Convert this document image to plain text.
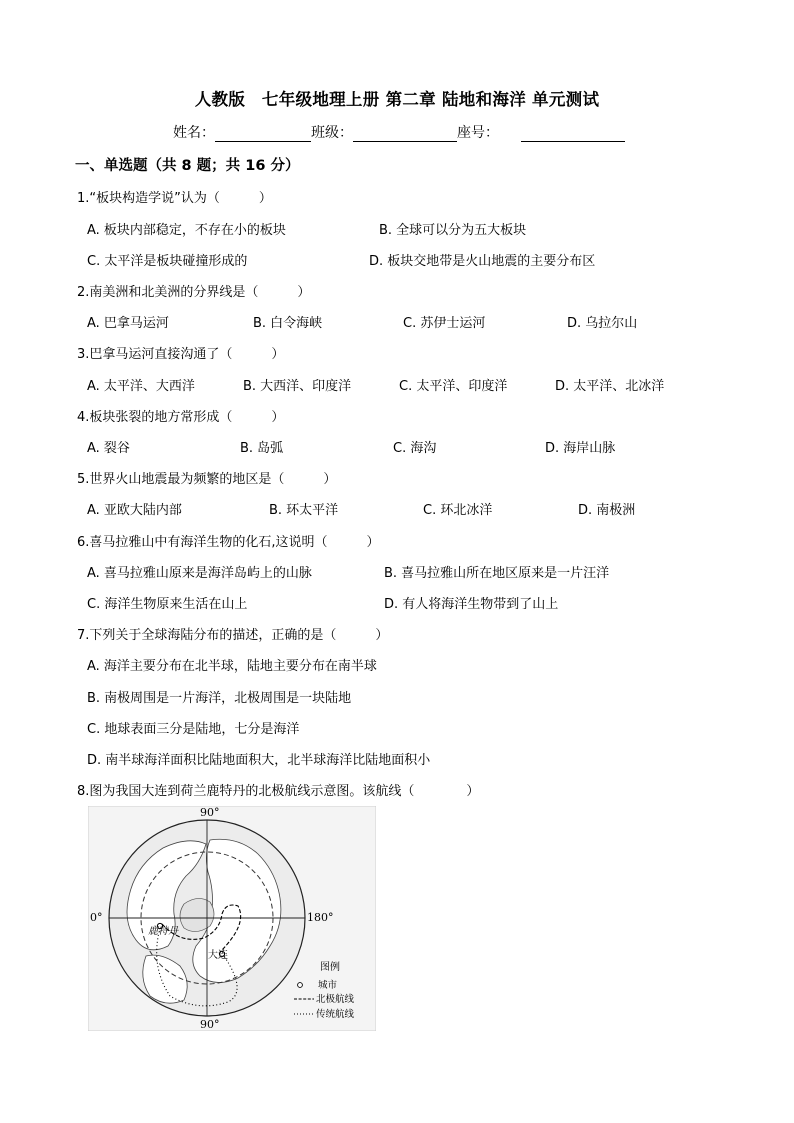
人教版　七年级地理上册 第二章 陆地和海洋 单元测试
姓名：	班级：	座号：
一、单选题（共 8 题；共 16 分）
1.“板块构造学说”认为（　　　）
A. 板块内部稳定，不存在小的板块	B. 全球可以分为五大板块
C. 太平洋是板块碰撞形成的	D. 板块交地带是火山地震的主要分布区
2.南美洲和北美洲的分界线是（　　　）
A. 巴拿马运河	B. 白令海峡	C. 苏伊士运河	D. 乌拉尔山
3.巴拿马运河直接沟通了（　　　）
A. 太平洋、大西洋	B. 大西洋、印度洋	C. 太平洋、印度洋	D. 太平洋、北冰洋
4.板块张裂的地方常形成（　　　）
A. 裂谷	B. 岛弧	C. 海沟	D. 海岸山脉
5.世界火山地震最为频繁的地区是（　　　）
A. 亚欧大陆内部	B. 环太平洋	C. 环北冰洋	D. 南极洲
6.喜马拉雅山中有海洋生物的化石,这说明（　　　）
A. 喜马拉雅山原来是海洋岛屿上的山脉	B. 喜马拉雅山所在地区原来是一片汪洋
C. 海洋生物原来生活在山上	D. 有人将海洋生物带到了山上
7.下列关于全球海陆分布的描述，正确的是（　　　）
A. 海洋主要分布在北半球，陆地主要分布在南半球
B. 南极周围是一片海洋，北极周围是一块陆地
C. 地球表面三分是陆地，七分是海洋
D. 南半球海洋面积比陆地面积大，北半球海洋比陆地面积小
8.图为我国大连到荷兰鹿特丹的北极航线示意图。该航线（　　　　）
90°
90°
0°	180°
鹿特丹
大连
图例
城市
北极航线
传统航线
